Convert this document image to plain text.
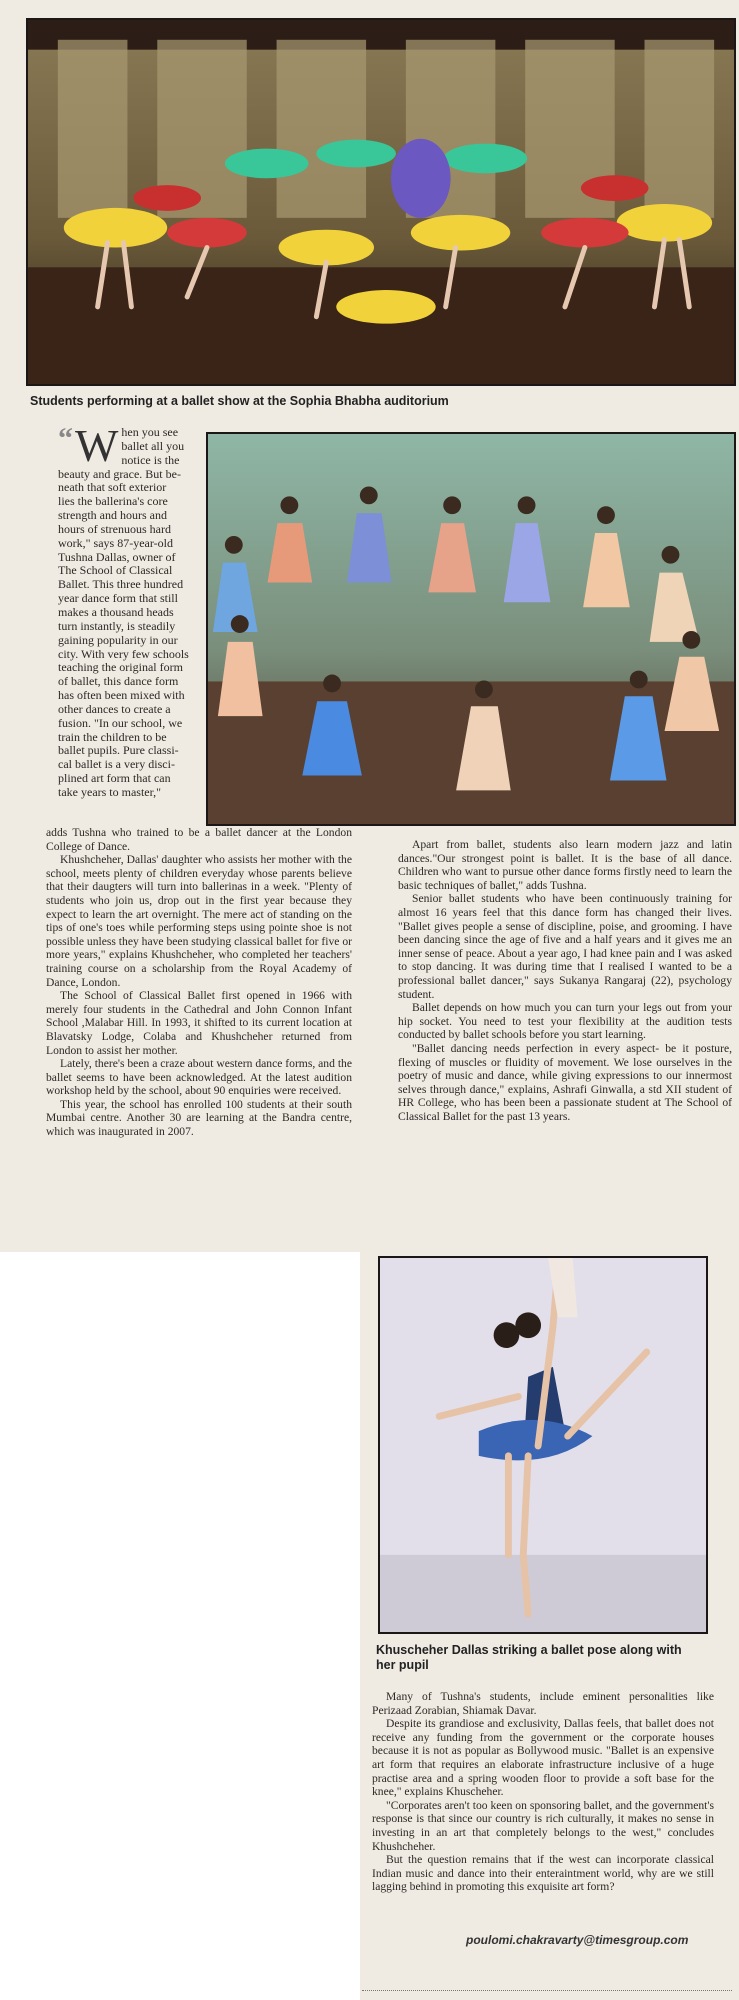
Students performing at a ballet show at the Sophia Bhabha auditorium
“ W hen you see
ballet all you
notice is the
beauty and grace. But be-
neath that soft exterior
lies the ballerina's core
strength and hours and
hours of strenuous hard
work," says 87-year-old
Tushna Dallas, owner of
The School of Classical
Ballet. This three hundred
year dance form that still
makes a thousand heads
turn instantly, is steadily
gaining popularity in our
city. With very few schools
teaching the original form
of ballet, this dance form
has often been mixed with
other dances to create a
fusion. "In our school, we
train the children to be
ballet pupils. Pure classi-
cal ballet is a very disci-
plined art form that can
take years to master,"

adds Tushna who trained to be a ballet dancer at the London College of Dance.

Khushcheher, Dallas' daughter who assists her mother with the school, meets plenty of children everyday whose parents believe that their daugters will turn into ballerinas in a week. "Plenty of students who join us, drop out in the first year because they expect to learn the art overnight. The mere act of standing on the tips of one's toes while performing steps using pointe shoe is not possible unless they have been studying classical ballet for five or more years," explains Khushcheher, who completed her teachers' training course on a scholarship from the Royal Academy of Dance, London.

The School of Classical Ballet first opened in 1966 with merely four students in the Cathedral and John Connon Infant School ,Malabar Hill. In 1993, it shifted to its current location at Blavatsky Lodge, Colaba and Khushcheher returned from London to assist her mother.

Lately, there's been a craze about western dance forms, and the ballet seems to have been acknowledged. At the latest audition workshop held by the school, about 90 enquiries were received.

This year, the school has enrolled 100 students at their south Mumbai centre. Another 30 are learning at the Bandra centre, which was inaugurated in 2007.

Apart from ballet, students also learn modern jazz and latin dances."Our strongest point is ballet. It is the base of all dance. Children who want to pursue other dance forms firstly need to learn the basic techniques of ballet," adds Tushna.

Senior ballet students who have been continuously training for almost 16 years feel that this dance form has changed their lives. "Ballet gives people a sense of discipline, poise, and grooming. I have been dancing since the age of five and a half years and it gives me an inner sense of peace. About a year ago, I had knee pain and I was asked to stop dancing. It was during time that I realised I wanted to be a professional ballet dancer," says Sukanya Rangaraj (22), psychology student.

Ballet depends on how much you can turn your legs out from your hip socket. You need to test your flexibility at the audition tests conducted by ballet schools before you start learning.

"Ballet dancing needs perfection in every aspect- be it posture, flexing of muscles or fluidity of movement. We lose ourselves in the poetry of music and dance, while giving expressions to our innermost selves through dance," explains, Ashrafi Ginwalla, a std XII student of HR College, who has been been a passionate student at The School of Classical Ballet for the past 13 years.

Khuscheher Dallas striking a ballet pose along with her pupil

Many of Tushna's students, include eminent personalities like Perizaad Zorabian, Shiamak Davar.

Despite its grandiose and exclusivity, Dallas feels, that ballet does not receive any funding from the government or the corporate houses because it is not as popular as Bollywood music. "Ballet is an expensive art form that requires an elaborate infrastructure inclusive of a huge practise area and a spring wooden floor to provide a soft base for the knee," explains Khuscheher.

"Corporates aren't too keen on sponsoring ballet, and the government's response is that since our country is rich culturally, it makes no sense in investing in an art that completely belongs to the west," concludes Khushcheher.

But the question remains that if the west can incorporate classical Indian music and dance into their enteraintment world, why are we still lagging behind in promoting this exquisite art form?

poulomi.chakravarty@timesgroup.com
